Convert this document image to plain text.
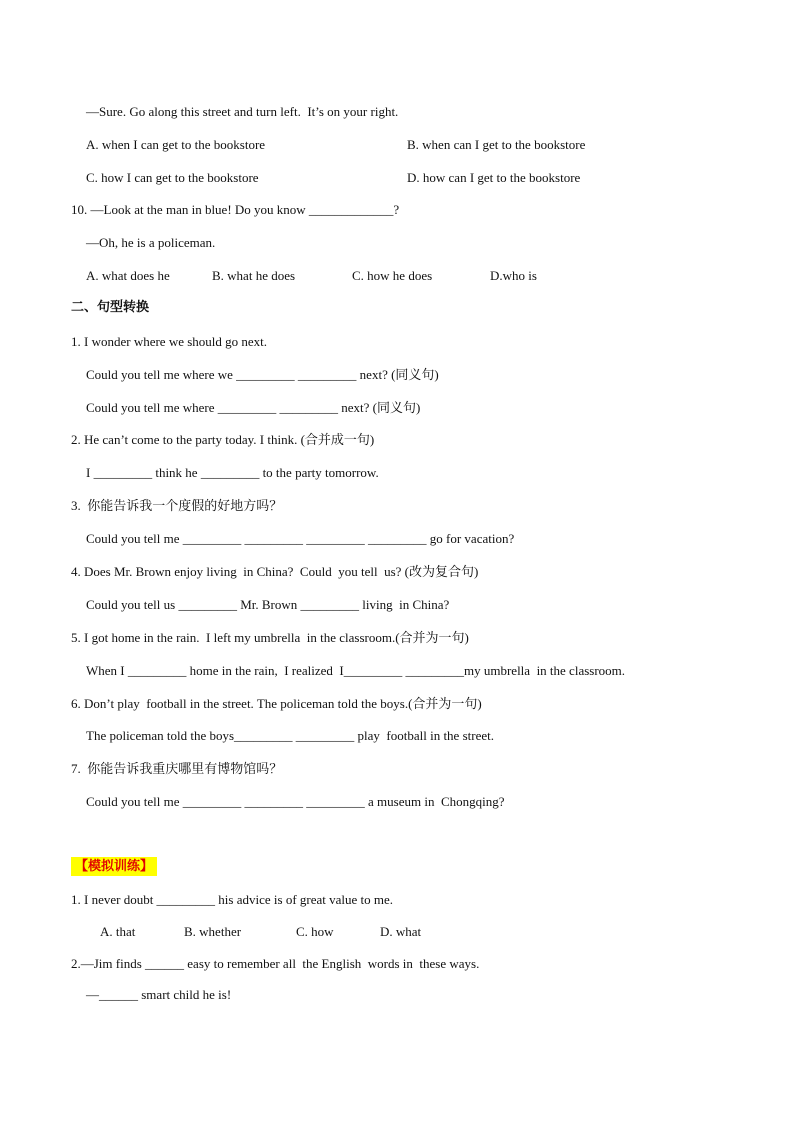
—Sure. Go along this street and turn left.  It’s on your right.
A. when I can get to the bookstore	B. when can I get to the bookstore
C. how I can get to the bookstore	D. how can I get to the bookstore
10. —Look at the man in blue! Do you know _____________?
—Oh, he is a policeman.
A. what does he	B. what he does	C. how he does	D.who is
二、句型转换
1. I wonder where we should go next.
Could you tell me where we _________ _________ next? (同义句)
Could you tell me where _________ _________ next? (同义句)
2. He can’t come to the party today. I think. (合并成一句)
I _________ think he _________ to the party tomorrow.
3.  你能告诉我一个度假的好地方吗？
Could you tell me _________ _________ _________ _________ go for vacation?
4. Does Mr. Brown enjoy living  in China?  Could  you tell  us? (改为复合句)
Could you tell us _________ Mr. Brown _________ living  in China?
5. I got home in the rain.  I left my umbrella  in the classroom.(合并为一句)
When I _________ home in the rain,  I realized  I_________ _________my umbrella  in the classroom.
6. Don’t play  football in the street. The policeman told the boys.(合并为一句)
The policeman told the boys_________ _________ play  football in the street.
7.  你能告诉我重庆哪里有博物馆吗？
Could you tell me _________ _________ _________ a museum in  Chongqing?
【模拟训练】
1. I never doubt _________ his advice is of great value to me.
A. that	B. whether	C. how	D. what
2.—Jim finds ______ easy to remember all  the English  words in  these ways.
—______ smart child he is!
